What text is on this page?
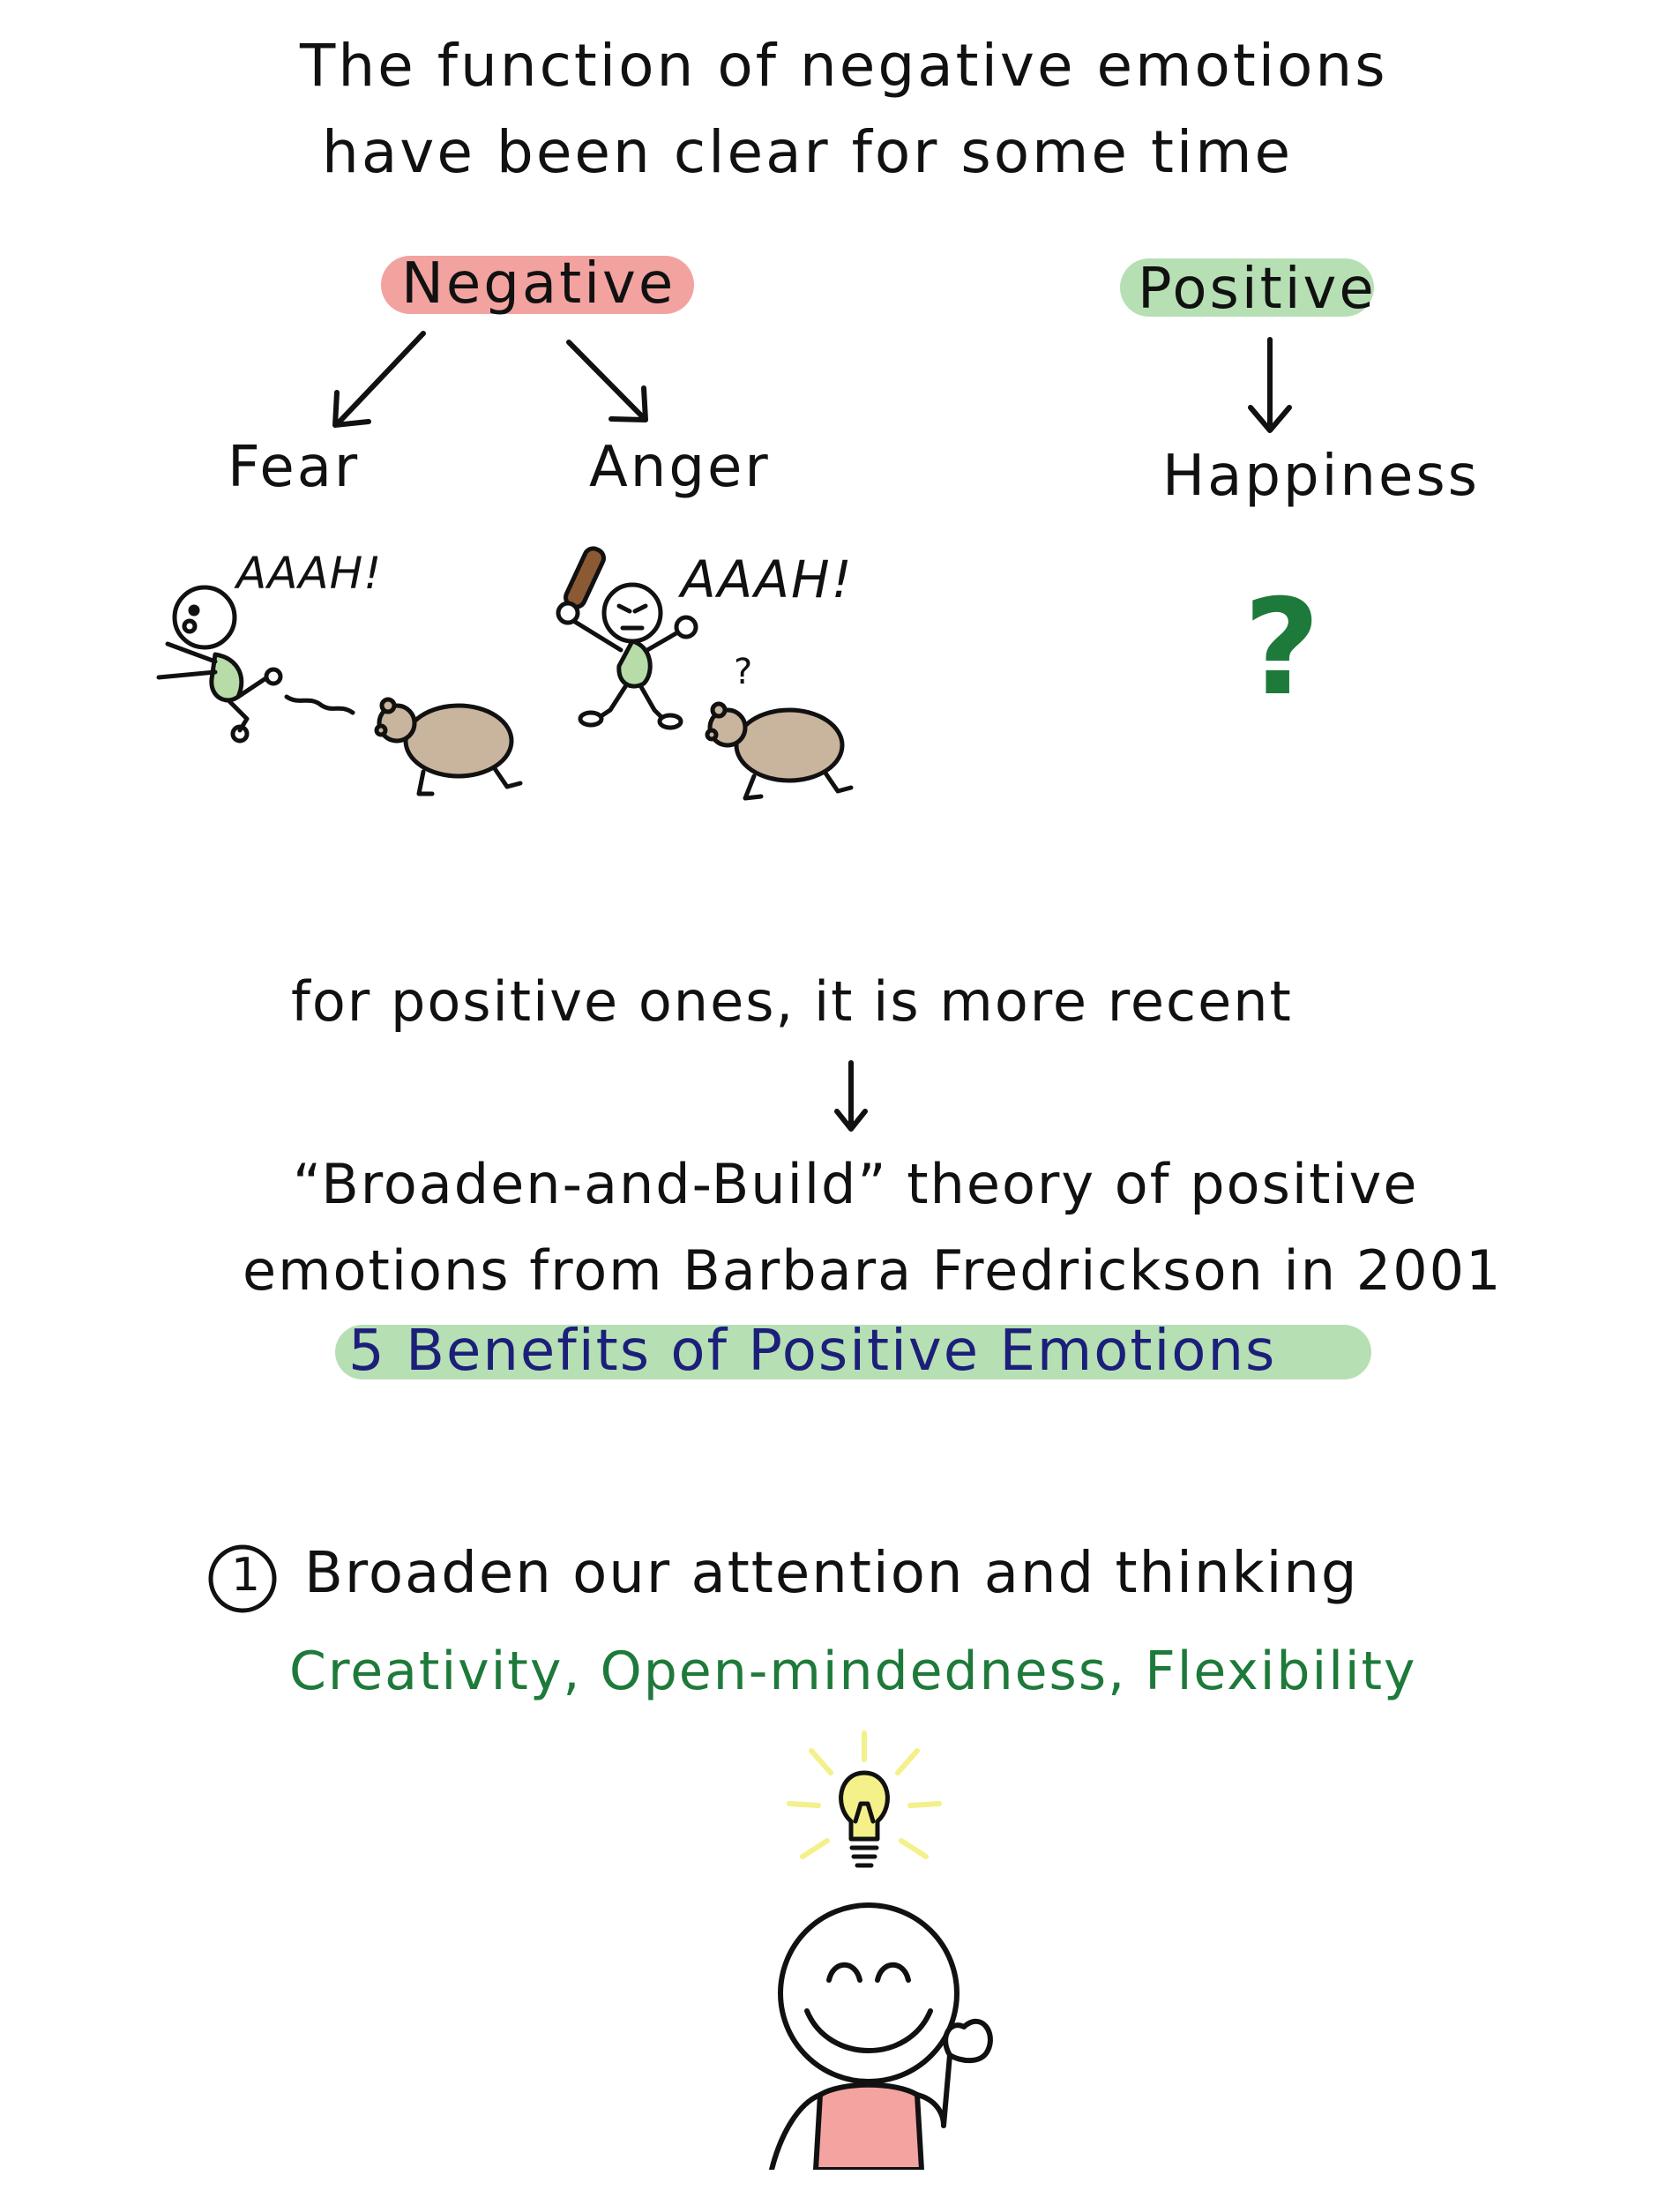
The function of negative emotions
have been clear for some time
Negative
Fear	Anger
AAAH!	AAAH!
?
Positive
Happiness
?
for positive ones, it is more recent
“Broaden-and-Build” theory of positive
emotions from Barbara Fredrickson in 2001
5 Benefits of Positive Emotions
1 Broaden our attention and thinking
Creativity, Open-mindedness, Flexibility
